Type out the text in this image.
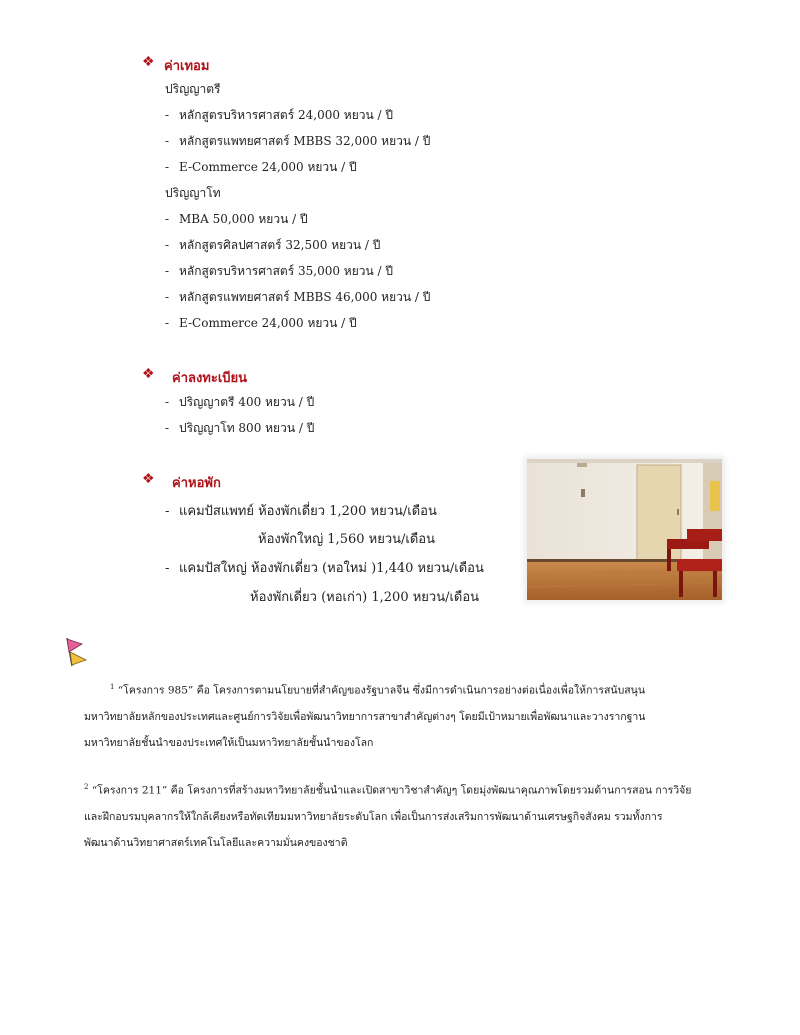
❖ ค่าเทอม
ปริญญาตรี
- หลักสูตรบริหารศาสตร์ 24,000 หยวน / ปี
- หลักสูตรแพทยศาสตร์ MBBS 32,000 หยวน / ปี
- E-Commerce 24,000 หยวน / ปี
ปริญญาโท
- MBA 50,000 หยวน / ปี
- หลักสูตรศิลปศาสตร์ 32,500 หยวน / ปี
- หลักสูตรบริหารศาสตร์ 35,000 หยวน / ปี
- หลักสูตรแพทยศาสตร์ MBBS 46,000 หยวน / ปี
- E-Commerce 24,000 หยวน / ปี
❖ ค่าลงทะเบียน
- ปริญญาตรี 400 หยวน / ปี
- ปริญญาโท 800 หยวน / ปี
❖ ค่าหอพัก
- แคมปัสแพทย์ ห้องพักเดี่ยว 1,200 หยวน/เดือน
ห้องพักใหญ่ 1,560 หยวน/เดือน
- แคมปัสใหญ่ ห้องพักเดี่ยว (หอใหม่ )1,440 หยวน/เดือน
ห้องพักเดี่ยว (หอเก่า) 1,200 หยวน/เดือน
$^1$ “โครงการ 985” คือ โครงการตามนโยบายที่สำคัญของรัฐบาลจีน ซึ่งมีการดำเนินการอย่างต่อเนื่องเพื่อให้การสนับสนุน
มหาวิทยาลัยหลักของประเทศและศูนย์การวิจัยเพื่อพัฒนาวิทยาการสาขาสำคัญต่างๆ โดยมีเป้าหมายเพื่อพัฒนาและวางรากฐาน
มหาวิทยาลัยชั้นนำของประเทศให้เป็นมหาวิทยาลัยชั้นนำของโลก
$^2$ “โครงการ 211” คือ โครงการที่สร้างมหาวิทยาลัยชั้นนำและเปิดสาขาวิชาสำคัญๆ โดยมุ่งพัฒนาคุณภาพโดยรวมด้านการสอน การวิจัย
และฝึกอบรมบุคลากรให้ใกล้เคียงหรือทัดเทียมมหาวิทยาลัยระดับโลก เพื่อเป็นการส่งเสริมการพัฒนาด้านเศรษฐกิจสังคม รวมทั้งการ
พัฒนาด้านวิทยาศาสตร์เทคโนโลยีและความมั่นคงของชาติ
